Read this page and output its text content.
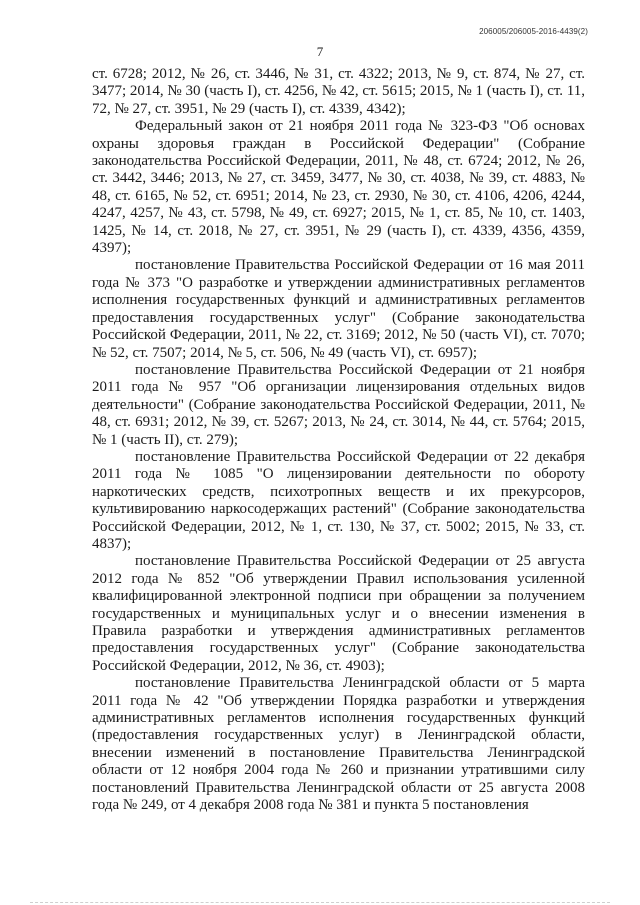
206005/206005-2016-4439(2)
7

ст. 6728; 2012, № 26, ст. 3446, № 31, ст. 4322; 2013, № 9, ст. 874, № 27, ст. 3477; 2014, № 30 (часть I), ст. 4256, № 42, ст. 5615; 2015, № 1 (часть I), ст. 11, 72, № 27, ст. 3951, № 29 (часть I), ст. 4339, 4342);

Федеральный закон от 21 ноября 2011 года № 323-ФЗ "Об основах охраны здоровья граждан в Российской Федерации" (Собрание законодательства Российской Федерации, 2011, № 48, ст. 6724; 2012, № 26, ст. 3442, 3446; 2013, № 27, ст. 3459, 3477, № 30, ст. 4038, № 39, ст. 4883, № 48, ст. 6165, № 52, ст. 6951; 2014, № 23, ст. 2930, № 30, ст. 4106, 4206, 4244, 4247, 4257, № 43, ст. 5798, № 49, ст. 6927; 2015, № 1, ст. 85, № 10, ст. 1403, 1425, № 14, ст. 2018, № 27, ст. 3951, № 29 (часть I), ст. 4339, 4356, 4359, 4397);

постановление Правительства Российской Федерации от 16 мая 2011 года № 373 "О разработке и утверждении административных регламентов исполнения государственных функций и административных регламентов предоставления государственных услуг" (Собрание законодательства Российской Федерации, 2011, № 22, ст. 3169; 2012, № 50 (часть VI), ст. 7070; № 52, ст. 7507; 2014, № 5, ст. 506, № 49 (часть VI), ст. 6957);

постановление Правительства Российской Федерации от 21 ноября 2011 года № 957 "Об организации лицензирования отдельных видов деятельности" (Собрание законодательства Российской Федерации, 2011, № 48, ст. 6931; 2012, № 39, ст. 5267; 2013, № 24, ст. 3014, № 44, ст. 5764; 2015, № 1 (часть II), ст. 279);

постановление Правительства Российской Федерации от 22 декабря 2011 года № 1085 "О лицензировании деятельности по обороту наркотических средств, психотропных веществ и их прекурсоров, культивированию наркосодержащих растений" (Собрание законодательства Российской Федерации, 2012, № 1, ст. 130, № 37, ст. 5002; 2015, № 33, ст. 4837);

постановление Правительства Российской Федерации от 25 августа 2012 года № 852 "Об утверждении Правил использования усиленной квалифицированной электронной подписи при обращении за получением государственных и муниципальных услуг и о внесении изменения в Правила разработки и утверждения административных регламентов предоставления государственных услуг" (Собрание законодательства Российской Федерации, 2012, № 36, ст. 4903);

постановление Правительства Ленинградской области от 5 марта 2011 года № 42 "Об утверждении Порядка разработки и утверждения административных регламентов исполнения государственных функций (предоставления государственных услуг) в Ленинградской области, внесении изменений в постановление Правительства Ленинградской области от 12 ноября 2004 года № 260 и признании утратившими силу постановлений Правительства Ленинградской области от 25 августа 2008 года № 249, от 4 декабря 2008 года № 381 и пункта 5 постановления
